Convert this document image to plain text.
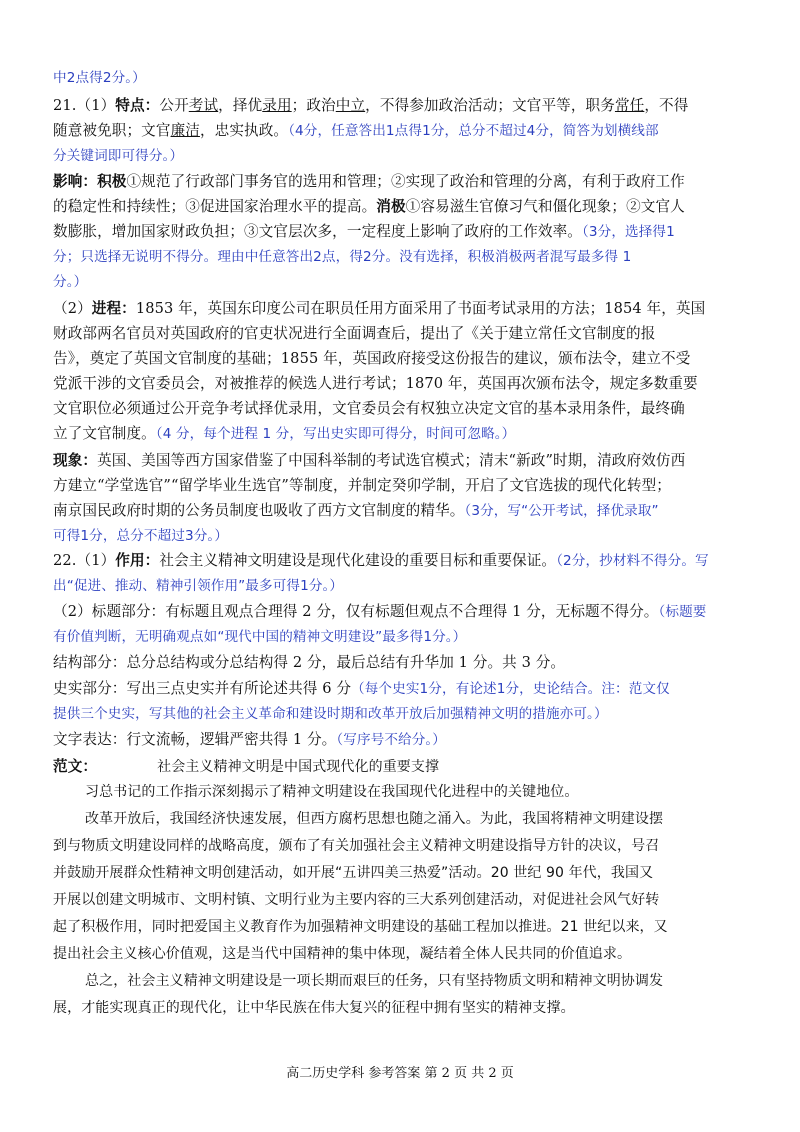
中2点得2分。）
21.（1）特点：公开考试，择优录用；政治中立，不得参加政治活动；文官平等，职务常任，不得
随意被免职；文官廉洁，忠实执政。（4分，任意答出1点得1分，总分不超过4分，简答为划横线部
分关键词即可得分。）
影响：积极①规范了行政部门事务官的选用和管理；②实现了政治和管理的分离，有利于政府工作
的稳定性和持续性；③促进国家治理水平的提高。消极①容易滋生官僚习气和僵化现象；②文官人
数膨胀，增加国家财政负担；③文官层次多，一定程度上影响了政府的工作效率。（3分，选择得1
分；只选择无说明不得分。理由中任意答出2点，得2分。没有选择，积极消极两者混写最多得 1
分。）
（2）进程：1853 年，英国东印度公司在职员任用方面采用了书面考试录用的方法；1854 年，英国
财政部两名官员对英国政府的官吏状况进行全面调查后，提出了《关于建立常任文官制度的报
告》，奠定了英国文官制度的基础；1855 年，英国政府接受这份报告的建议，颁布法令，建立不受
党派干涉的文官委员会，对被推荐的候选人进行考试；1870 年，英国再次颁布法令，规定多数重要
文官职位必须通过公开竞争考试择优录用，文官委员会有权独立决定文官的基本录用条件，最终确
立了文官制度。（4 分，每个进程 1 分，写出史实即可得分，时间可忽略。）
现象：英国、美国等西方国家借鉴了中国科举制的考试选官模式；清末“新政”时期，清政府效仿西
方建立“学堂选官”“留学毕业生选官”等制度，并制定癸卯学制，开启了文官选拔的现代化转型；
南京国民政府时期的公务员制度也吸收了西方文官制度的精华。（3分，写“公开考试，择优录取”
可得1分，总分不超过3分。）
22.（1）作用：社会主义精神文明建设是现代化建设的重要目标和重要保证。（2分，抄材料不得分。写
出“促进、推动、精神引领作用”最多可得1分。）
（2）标题部分：有标题且观点合理得 2 分，仅有标题但观点不合理得 1 分，无标题不得分。（标题要
有价值判断，无明确观点如“现代中国的精神文明建设”最多得1分。）
结构部分：总分总结构或分总结构得 2 分，最后总结有升华加 1 分。共 3 分。
史实部分：写出三点史实并有所论述共得 6 分（每个史实1分，有论述1分，史论结合。注：范文仅
提供三个史实，写其他的社会主义革命和建设时期和改革开放后加强精神文明的措施亦可。）
文字表达：行文流畅，逻辑严密共得 1 分。（写序号不给分。）
范文：	社会主义精神文明是中国式现代化的重要支撑
习总书记的工作指示深刻揭示了精神文明建设在我国现代化进程中的关键地位。
改革开放后，我国经济快速发展，但西方腐朽思想也随之涌入。为此，我国将精神文明建设摆
到与物质文明建设同样的战略高度，颁布了有关加强社会主义精神文明建设指导方针的决议，号召
并鼓励开展群众性精神文明创建活动，如开展“五讲四美三热爱”活动。20 世纪 90 年代，我国又
开展以创建文明城市、文明村镇、文明行业为主要内容的三大系列创建活动，对促进社会风气好转
起了积极作用，同时把爱国主义教育作为加强精神文明建设的基础工程加以推进。21 世纪以来，又
提出社会主义核心价值观，这是当代中国精神的集中体现，凝结着全体人民共同的价值追求。
总之，社会主义精神文明建设是一项长期而艰巨的任务，只有坚持物质文明和精神文明协调发
展，才能实现真正的现代化，让中华民族在伟大复兴的征程中拥有坚实的精神支撑。
高二历史学科 参考答案 第 2 页 共 2 页
